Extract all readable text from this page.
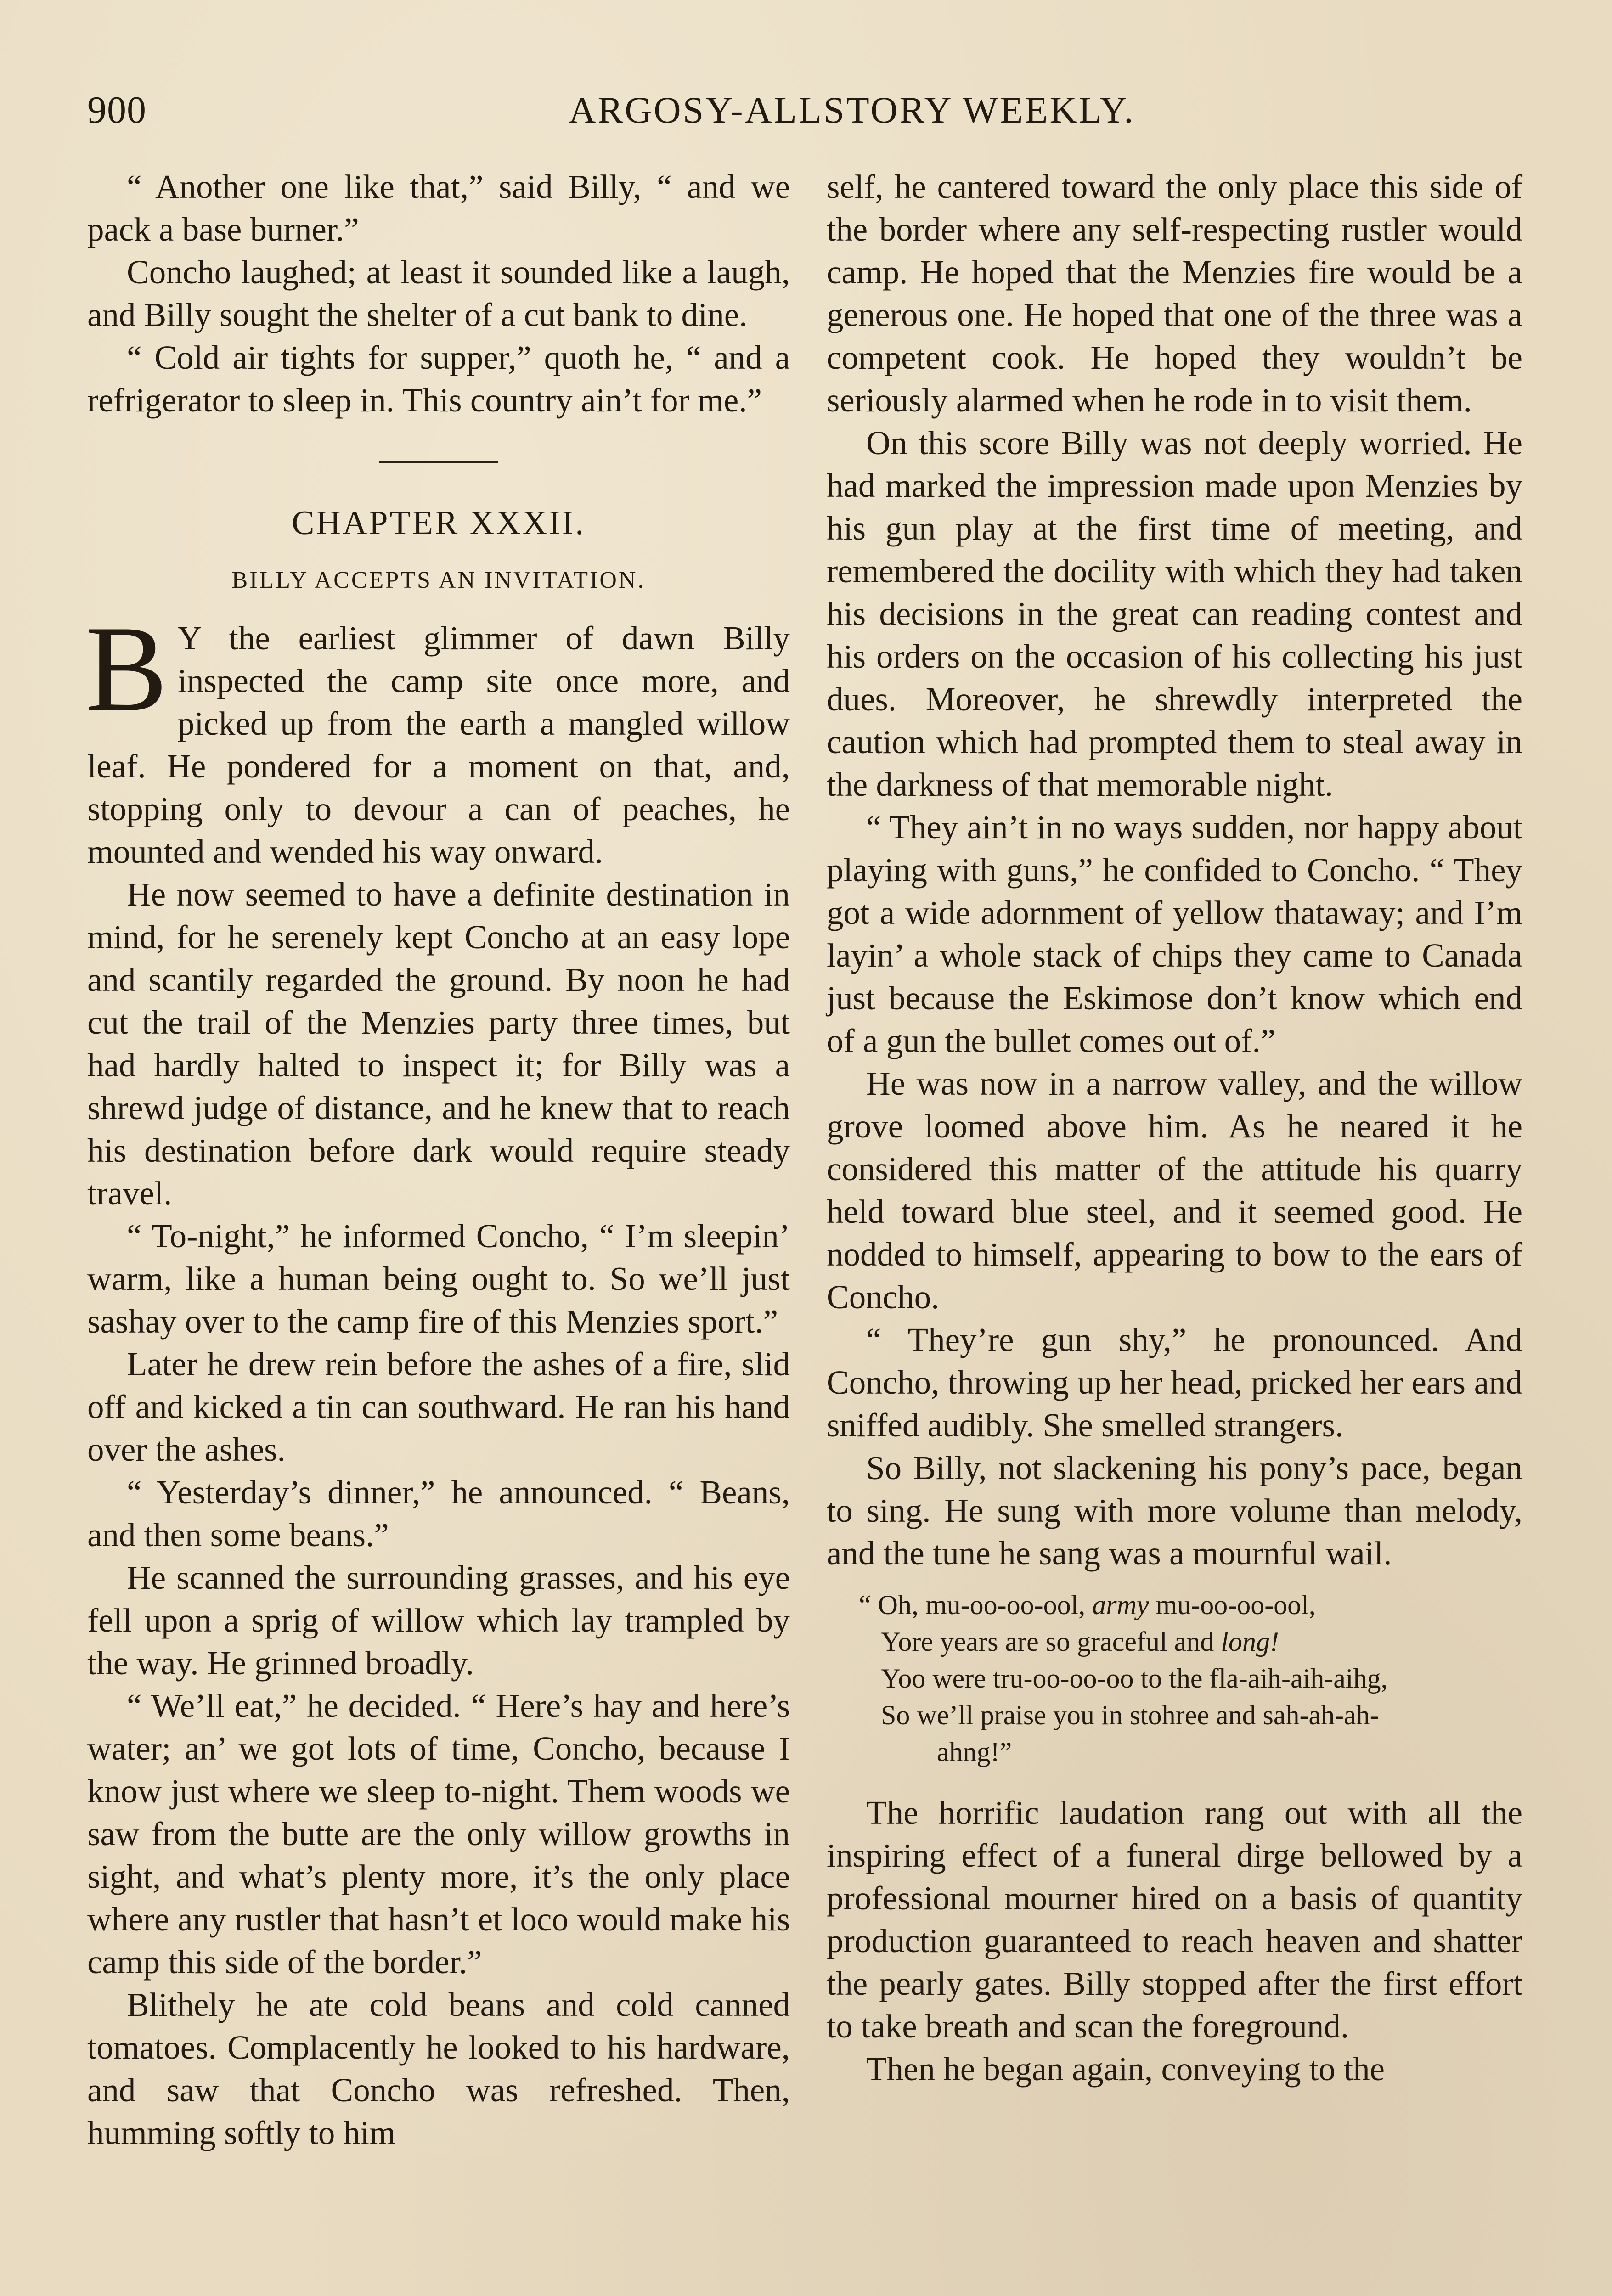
900	ARGOSY-ALLSTORY WEEKLY.

“ Another one like that,” said Billy, “ and we pack a base burner.”

Concho laughed; at least it sounded like a laugh, and Billy sought the shelter of a cut bank to dine.

“ Cold air tights for supper,” quoth he, “ and a refrigerator to sleep in. This country ain’t for me.”

CHAPTER XXXII.
BILLY ACCEPTS AN INVITATION.

B Y the earliest glimmer of dawn Billy inspected the camp site once more, and picked up from the earth a mangled willow leaf. He pondered for a moment on that, and, stopping only to devour a can of peaches, he mounted and wended his way onward.

He now seemed to have a definite destination in mind, for he serenely kept Concho at an easy lope and scantily regarded the ground. By noon he had cut the trail of the Menzies party three times, but had hardly halted to inspect it; for Billy was a shrewd judge of distance, and he knew that to reach his destination before dark would require steady travel.

“ To-night,” he informed Concho, “ I’m sleepin’ warm, like a human being ought to. So we’ll just sashay over to the camp fire of this Menzies sport.”

Later he drew rein before the ashes of a fire, slid off and kicked a tin can southward. He ran his hand over the ashes.

“ Yesterday’s dinner,” he announced. “ Beans, and then some beans.”

He scanned the surrounding grasses, and his eye fell upon a sprig of willow which lay trampled by the way. He grinned broadly.

“ We’ll eat,” he decided. “ Here’s hay and here’s water; an’ we got lots of time, Concho, because I know just where we sleep to-night. Them woods we saw from the butte are the only willow growths in sight, and what’s plenty more, it’s the only place where any rustler that hasn’t et loco would make his camp this side of the border.”

Blithely he ate cold beans and cold canned tomatoes. Complacently he looked to his hardware, and saw that Concho was refreshed. Then, humming softly to him

self, he cantered toward the only place this side of the border where any self-respecting rustler would camp. He hoped that the Menzies fire would be a generous one. He hoped that one of the three was a competent cook. He hoped they wouldn’t be seriously alarmed when he rode in to visit them.

On this score Billy was not deeply worried. He had marked the impression made upon Menzies by his gun play at the first time of meeting, and remembered the docility with which they had taken his decisions in the great can reading contest and his orders on the occasion of his collecting his just dues. Moreover, he shrewdly interpreted the caution which had prompted them to steal away in the darkness of that memorable night.

“ They ain’t in no ways sudden, nor happy about playing with guns,” he confided to Concho. “ They got a wide adornment of yellow thataway; and I’m layin’ a whole stack of chips they came to Canada just because the Eskimose don’t know which end of a gun the bullet comes out of.”

He was now in a narrow valley, and the willow grove loomed above him. As he neared it he considered this matter of the attitude his quarry held toward blue steel, and it seemed good. He nodded to himself, appearing to bow to the ears of Concho.

“ They’re gun shy,” he pronounced. And Concho, throwing up her head, pricked her ears and sniffed audibly. She smelled strangers.

So Billy, not slackening his pony’s pace, began to sing. He sung with more volume than melody, and the tune he sang was a mournful wail.

“ Oh, mu-oo-oo-ool, army mu-oo-oo-ool,
Yore years are so graceful and long!
Yoo were tru-oo-oo-oo to the fla-aih-aih-aihg,
So we’ll praise you in stohree and sah-ah-ah-
ahng!”

The horrific laudation rang out with all the inspiring effect of a funeral dirge bellowed by a professional mourner hired on a basis of quantity production guaranteed to reach heaven and shatter the pearly gates. Billy stopped after the first effort to take breath and scan the foreground.

Then he began again, conveying to the
